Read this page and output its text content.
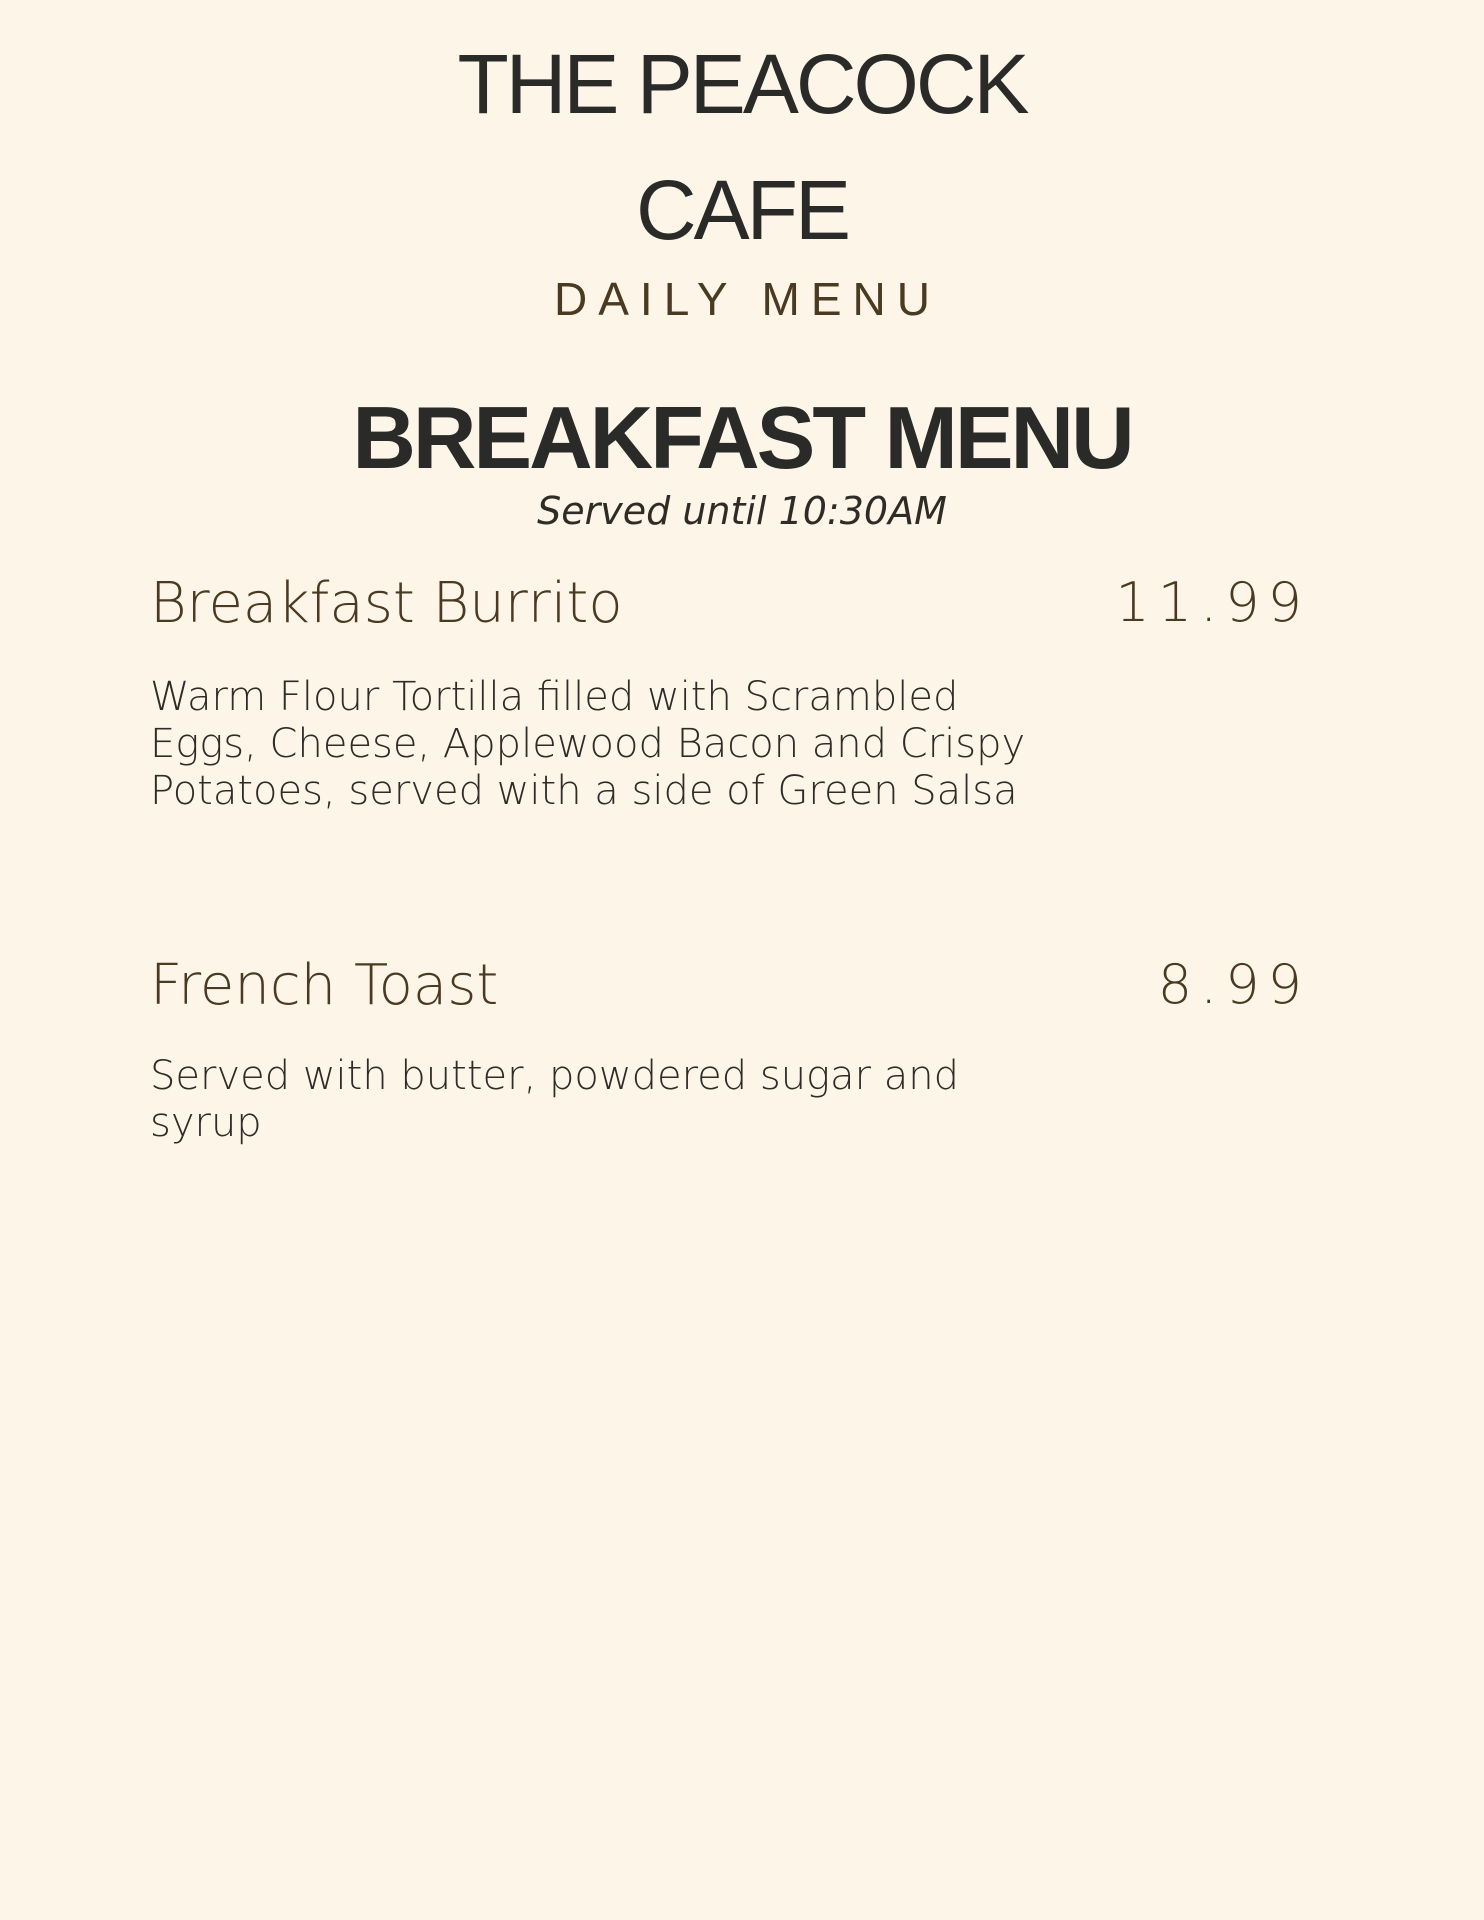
THE PEACOCK
CAFE
DAILY MENU
BREAKFAST MENU
Served until 10:30AM
Breakfast Burrito	11.99
Warm Flour Tortilla filled with Scrambled Eggs, Cheese, Applewood Bacon and Crispy Potatoes, served with a side of Green Salsa
French Toast	8.99
Served with butter, powdered sugar and syrup
